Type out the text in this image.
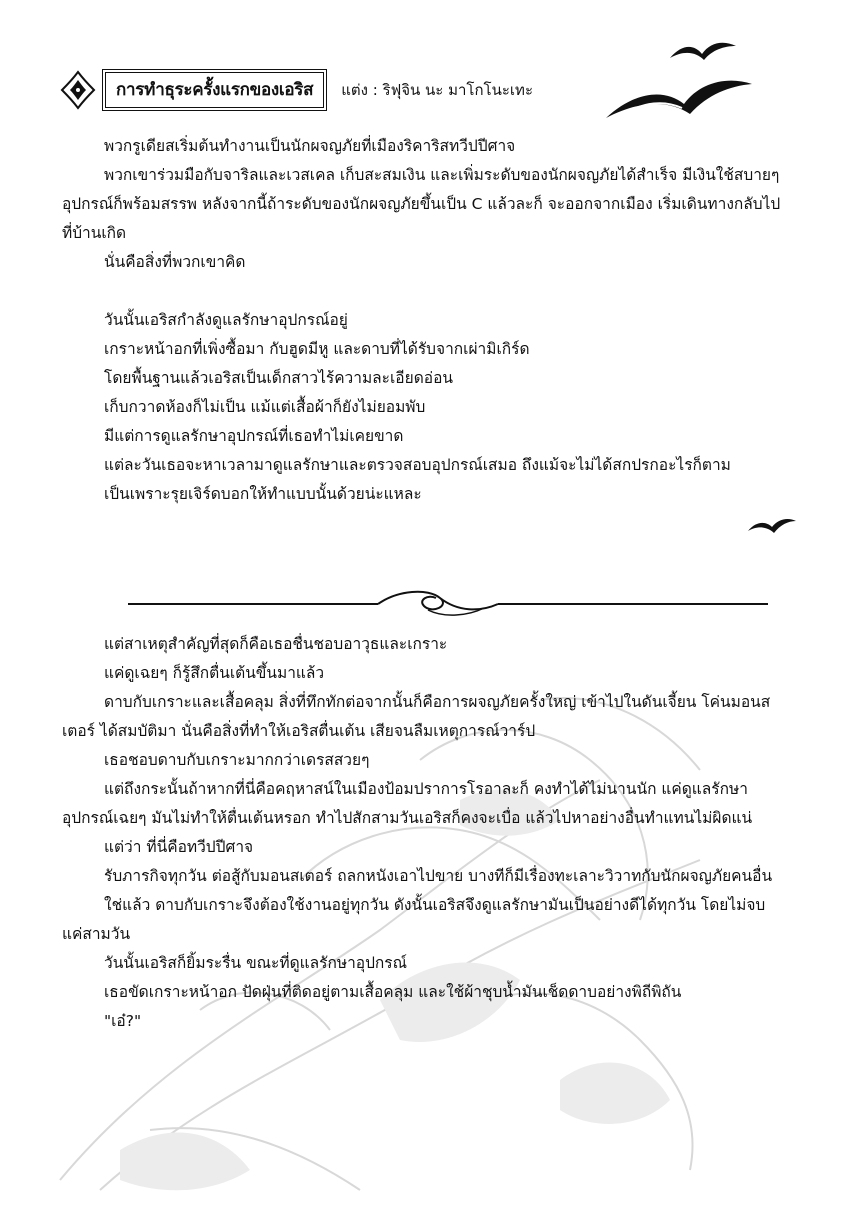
การทำธุระครั้งแรกของเอริส	แต่ง : ริฟุจิน นะ มาโกโนะเทะ

พวกรูเดียสเริ่มต้นทำงานเป็นนักผจญภัยที่เมืองริคาริสทวีปปีศาจ

พวกเขาร่วมมือกับจาริลและเวสเคล เก็บสะสมเงิน และเพิ่มระดับของนักผจญภัยได้สำเร็จ มีเงินใช้สบายๆ อุปกรณ์ก็พร้อมสรรพ หลังจากนี้ถ้าระดับของนักผจญภัยขึ้นเป็น C แล้วละก็ จะออกจากเมือง เริ่มเดินทางกลับไปที่บ้านเกิด

นั่นคือสิ่งที่พวกเขาคิด

วันนั้นเอริสกำลังดูแลรักษาอุปกรณ์อยู่

เกราะหน้าอกที่เพิ่งซื้อมา กับฮูดมีหู และดาบที่ได้รับจากเผ่ามิเกิร์ด

โดยพื้นฐานแล้วเอริสเป็นเด็กสาวไร้ความละเอียดอ่อน

เก็บกวาดห้องก็ไม่เป็น แม้แต่เสื้อผ้าก็ยังไม่ยอมพับ

มีแต่การดูแลรักษาอุปกรณ์ที่เธอทำไม่เคยขาด

แต่ละวันเธอจะหาเวลามาดูแลรักษาและตรวจสอบอุปกรณ์เสมอ ถึงแม้จะไม่ได้สกปรกอะไรก็ตาม

เป็นเพราะรุยเจิร์ดบอกให้ทำแบบนั้นด้วยน่ะแหละ

แต่สาเหตุสำคัญที่สุดก็คือเธอชื่นชอบอาวุธและเกราะ

แค่ดูเฉยๆ ก็รู้สึกตื่นเต้นขึ้นมาแล้ว

ดาบกับเกราะและเสื้อคลุม สิ่งที่ทึกทักต่อจากนั้นก็คือการผจญภัยครั้งใหญ่ เข้าไปในดันเจี้ยน โค่นมอนสเตอร์ ได้สมบัติมา นั่นคือสิ่งที่ทำให้เอริสตื่นเต้น เสียจนลืมเหตุการณ์วาร์ป

เธอชอบดาบกับเกราะมากกว่าเดรสสวยๆ

แต่ถึงกระนั้นถ้าหากที่นี่คือคฤหาสน์ในเมืองป้อมปราการโรอาละก็ คงทำได้ไม่นานนัก แค่ดูแลรักษาอุปกรณ์เฉยๆ มันไม่ทำให้ตื่นเต้นหรอก ทำไปสักสามวันเอริสก็คงจะเบื่อ แล้วไปหาอย่างอื่นทำแทนไม่ผิดแน่

แต่ว่า ที่นี่คือทวีปปีศาจ

รับภารกิจทุกวัน ต่อสู้กับมอนสเตอร์ ถลกหนังเอาไปขาย บางทีก็มีเรื่องทะเลาะวิวาทกับนักผจญภัยคนอื่น

ใช่แล้ว ดาบกับเกราะจึงต้องใช้งานอยู่ทุกวัน ดังนั้นเอริสจึงดูแลรักษามันเป็นอย่างดีได้ทุกวัน โดยไม่จบแค่สามวัน

วันนั้นเอริสก็ยิ้มระรื่น ขณะที่ดูแลรักษาอุปกรณ์

เธอขัดเกราะหน้าอก ปัดฝุ่นที่ติดอยู่ตามเสื้อคลุม และใช้ผ้าชุบน้ำมันเช็ดดาบอย่างพิถีพิถัน

"เอ๋?"
